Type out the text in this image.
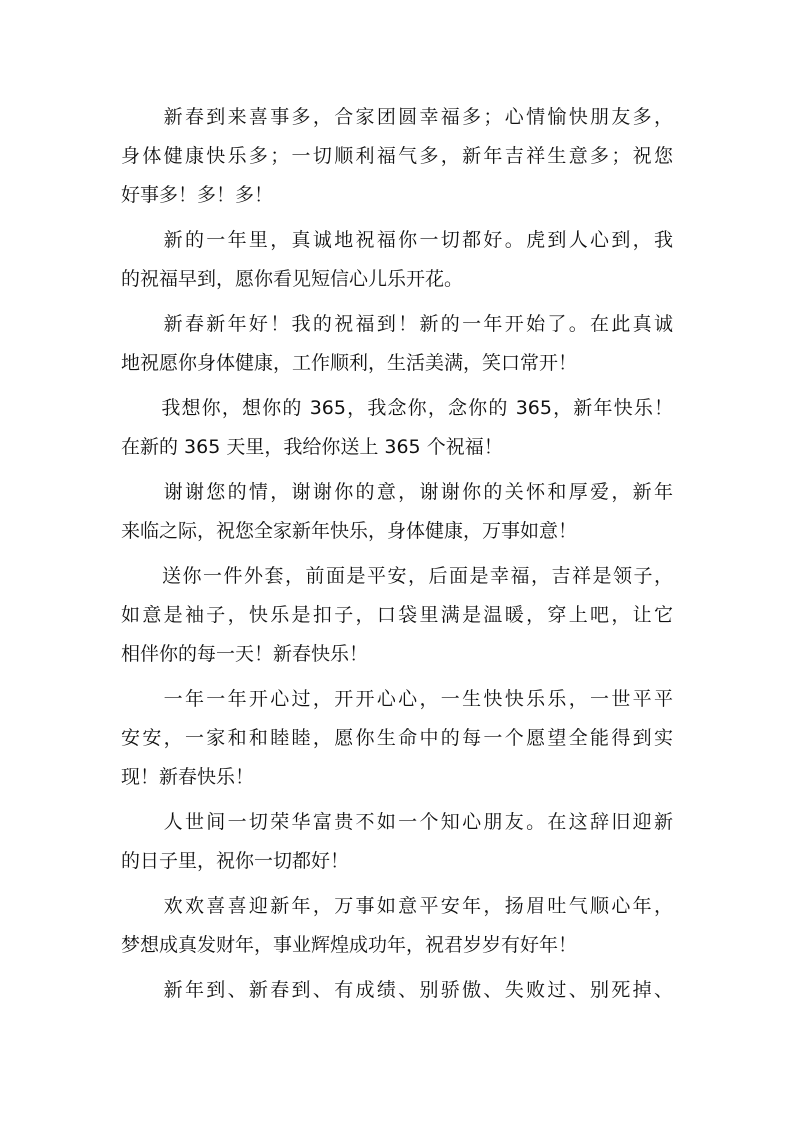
　　新春到来喜事多，合家团圆幸福多；心情愉快朋友多，
身体健康快乐多；一切顺利福气多，新年吉祥生意多；祝您
好事多！多！多！
　　新的一年里，真诚地祝福你一切都好。虎到人心到，我
的祝福早到，愿你看见短信心儿乐开花。
　　新春新年好！我的祝福到！新的一年开始了。在此真诚
地祝愿你身体健康，工作顺利，生活美满，笑口常开！
　　我想你，想你的 365，我念你，念你的 365，新年快乐！
在新的 365 天里，我给你送上 365 个祝福！
　　谢谢您的情，谢谢你的意，谢谢你的关怀和厚爱，新年
来临之际，祝您全家新年快乐，身体健康，万事如意！
　　送你一件外套，前面是平安，后面是幸福，吉祥是领子，
如意是袖子，快乐是扣子，口袋里满是温暖，穿上吧，让它
相伴你的每一天！新春快乐！
　　一年一年开心过，开开心心，一生快快乐乐，一世平平
安安，一家和和睦睦，愿你生命中的每一个愿望全能得到实
现！新春快乐！
　　人世间一切荣华富贵不如一个知心朋友。在这辞旧迎新
的日子里，祝你一切都好！
　　欢欢喜喜迎新年，万事如意平安年，扬眉吐气顺心年，
梦想成真发财年，事业辉煌成功年，祝君岁岁有好年！
　　新年到、新春到、有成绩、别骄傲、失败过、别死掉、
